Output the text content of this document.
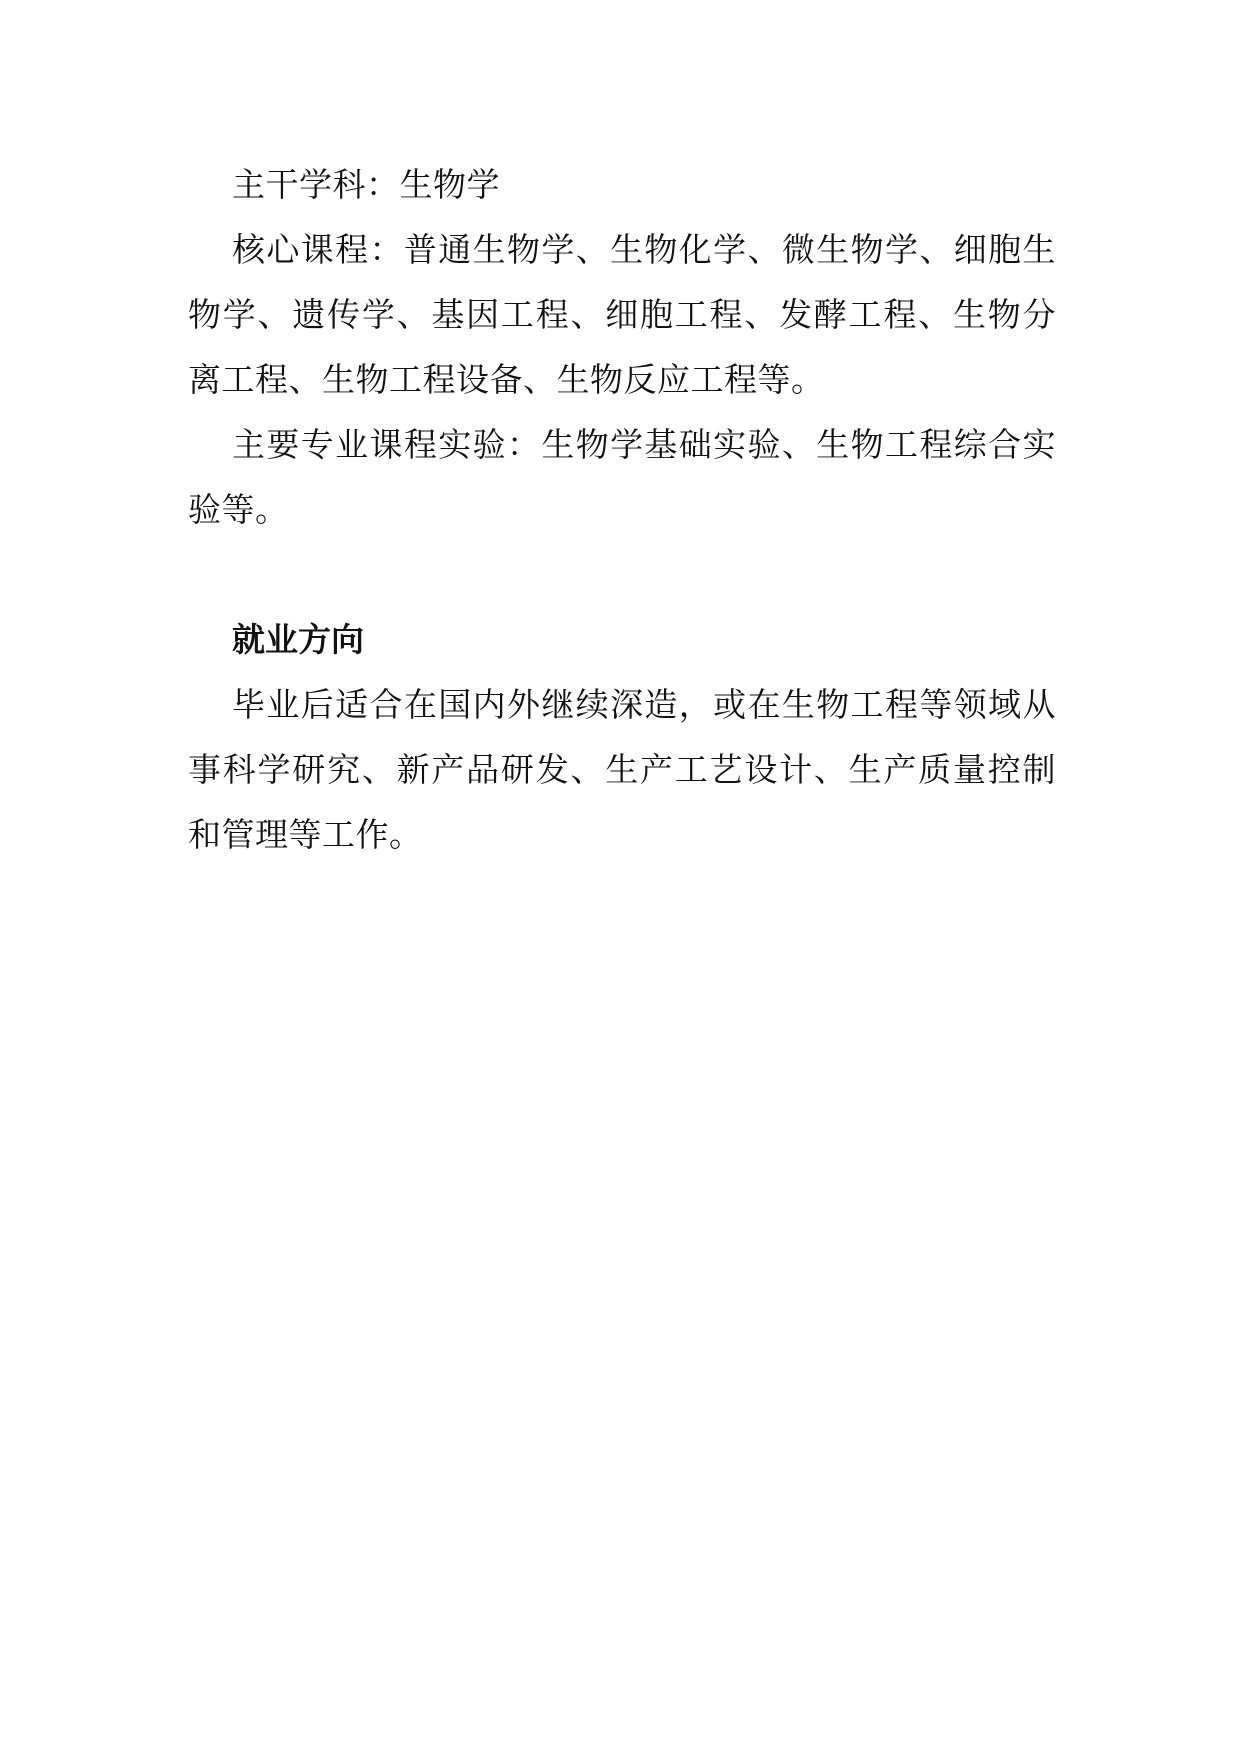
主干学科：生物学

核心课程：普通生物学、生物化学、微生物学、细胞生物学、遗传学、基因工程、细胞工程、发酵工程、生物分离工程、生物工程设备、生物反应工程等。

主要专业课程实验：生物学基础实验、生物工程综合实验等。

就业方向

毕业后适合在国内外继续深造，或在生物工程等领域从事科学研究、新产品研发、生产工艺设计、生产质量控制和管理等工作。
